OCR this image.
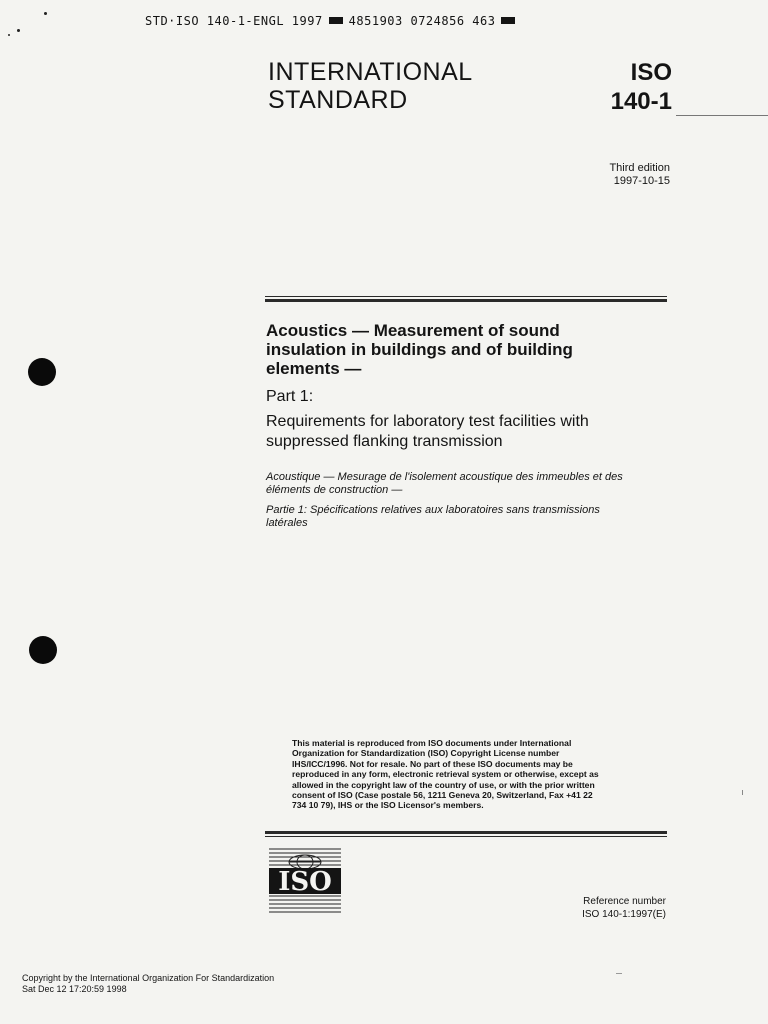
STD·ISO 140-1-ENGL 1997 4851903 0724856 463
INTERNATIONAL
STANDARD
ISO
140-1
Third edition
1997-10-15
Acoustics — Measurement of sound
insulation in buildings and of building
elements —
Part 1:
Requirements for laboratory test facilities with
suppressed flanking transmission
Acoustique — Mesurage de l'isolement acoustique des immeubles et des
éléments de construction —
Partie 1: Spécifications relatives aux laboratoires sans transmissions
latérales
This material is reproduced from ISO documents under International
Organization for Standardization (ISO) Copyright License number
IHS/ICC/1996. Not for resale. No part of these ISO documents may be
reproduced in any form, electronic retrieval system or otherwise, except as
allowed in the copyright law of the country of use, or with the prior written
consent of ISO (Case postale 56, 1211 Geneva 20, Switzerland, Fax +41 22
734 10 79), IHS or the ISO Licensor's members.
ISO
Reference number
ISO 140-1:1997(E)
Copyright by the International Organization For Standardization
Sat Dec 12 17:20:59 1998
